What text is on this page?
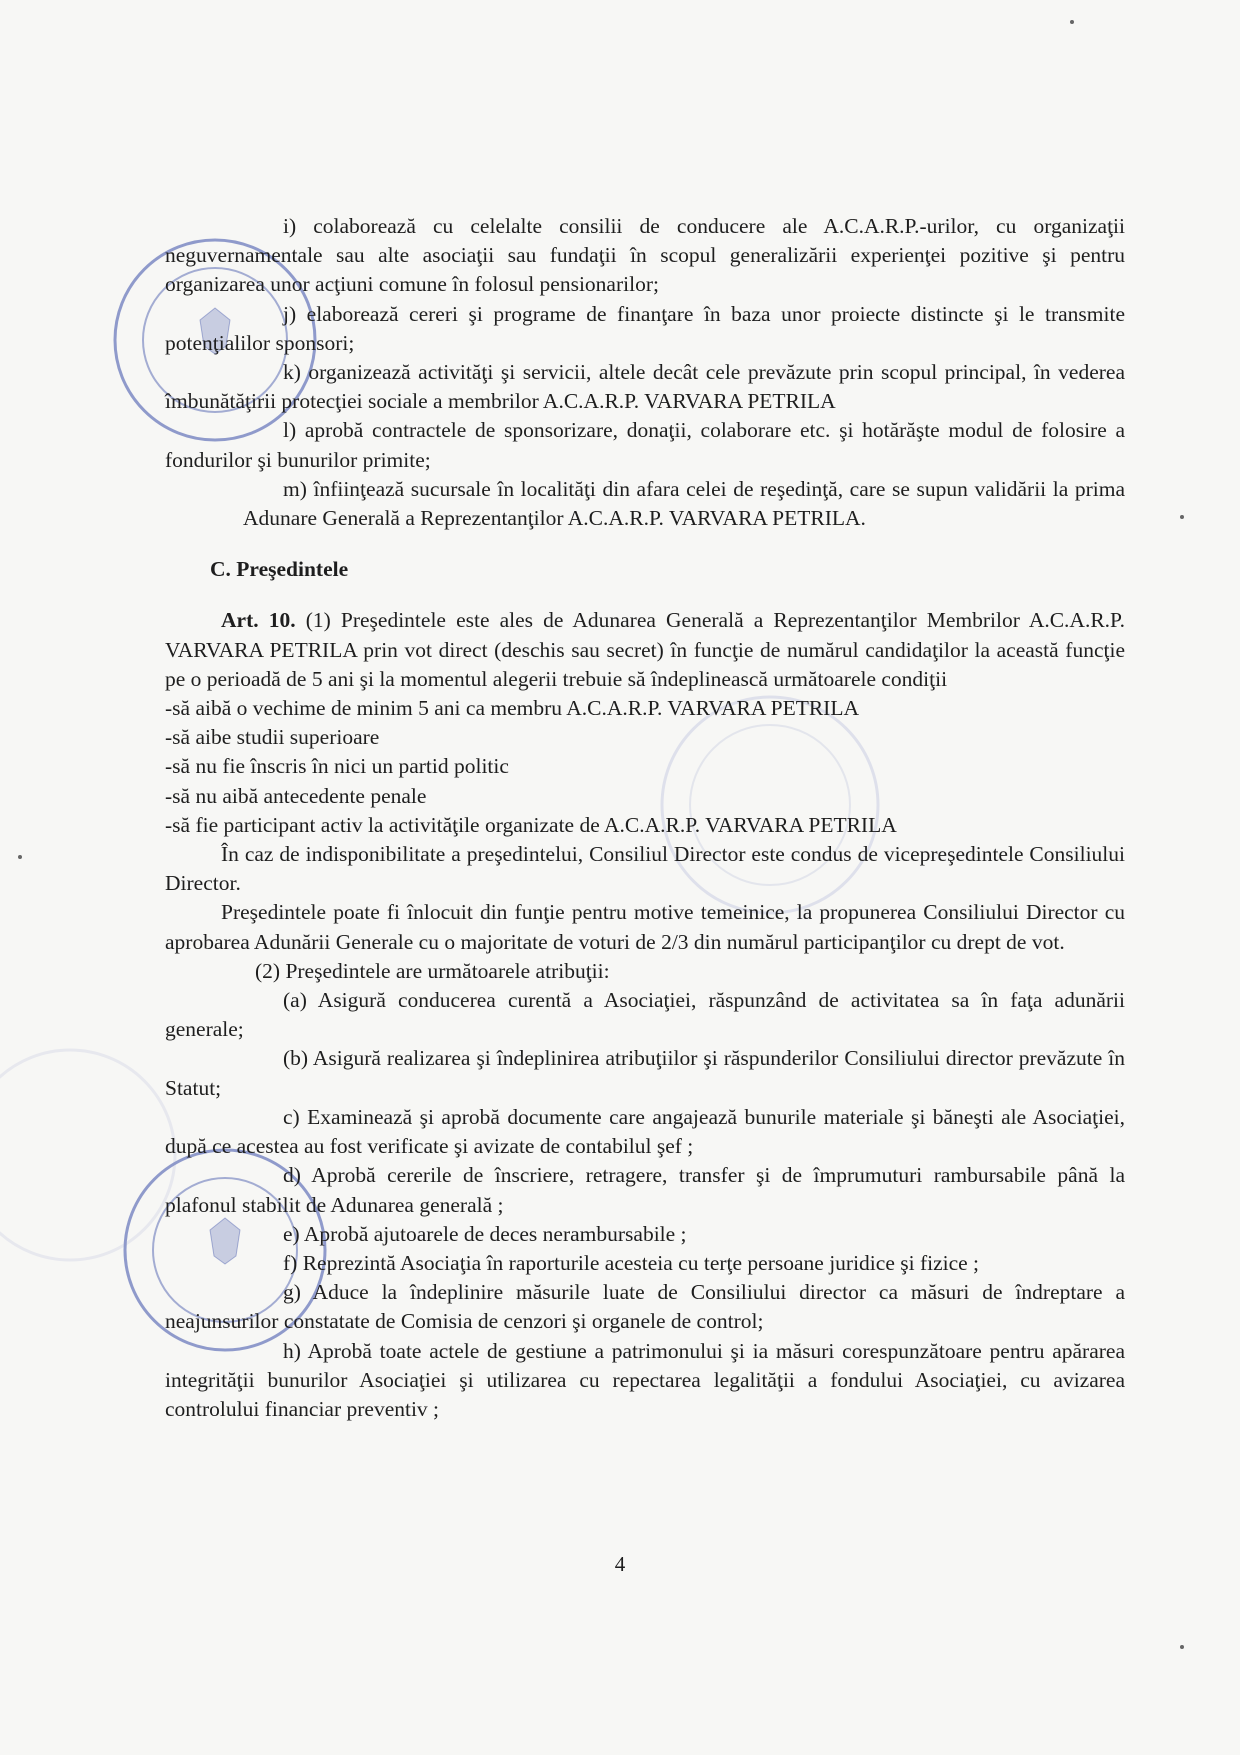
i) colaborează cu celelalte consilii de conducere ale A.C.A.R.P.-urilor, cu organizaţii neguvernamentale sau alte asociaţii sau fundaţii în scopul generalizării experienţei pozitive şi pentru organizarea unor acţiuni comune în folosul pensionarilor;

j) elaborează cereri şi programe de finanţare în baza unor proiecte distincte şi le transmite potenţialilor sponsori;

k) organizează activităţi şi servicii, altele decât cele prevăzute prin scopul principal, în vederea îmbunătăţirii protecţiei sociale a membrilor A.C.A.R.P. VARVARA PETRILA

l) aprobă contractele de sponsorizare, donaţii, colaborare etc. şi hotărăşte modul de folosire a fondurilor şi bunurilor primite;

m) înfiinţează sucursale în localităţi din afara celei de reşedinţă, care se supun validării la prima Adunare Generală a Reprezentanţilor A.C.A.R.P. VARVARA PETRILA.

C. Preşedintele

Art. 10. (1) Preşedintele este ales de Adunarea Generală a Reprezentanţilor Membrilor A.C.A.R.P. VARVARA PETRILA prin vot direct (deschis sau secret) în funcţie de numărul candidaţilor la această funcţie pe o perioadă de 5 ani şi la momentul alegerii trebuie să îndeplinească următoarele condiţii

-să aibă o vechime de minim 5 ani ca membru A.C.A.R.P. VARVARA PETRILA

-să aibe studii superioare

-să nu fie înscris în nici un partid politic

-să nu aibă antecedente penale

-să fie participant activ la activităţile organizate de A.C.A.R.P. VARVARA PETRILA

În caz de indisponibilitate a preşedintelui, Consiliul Director este condus de vicepreşedintele Consiliului Director.

Preşedintele poate fi înlocuit din funţie pentru motive temeinice, la propunerea Consiliului Director cu aprobarea Adunării Generale cu o majoritate de voturi de 2/3 din numărul participanţilor cu drept de vot.

(2) Preşedintele are următoarele atribuţii:

(a) Asigură conducerea curentă a Asociaţiei, răspunzând de activitatea sa în faţa adunării generale;

(b) Asigură realizarea şi îndeplinirea atribuţiilor şi răspunderilor Consiliului director prevăzute în Statut;

c) Examinează şi aprobă documente care angajează bunurile materiale şi băneşti ale Asociaţiei, după ce acestea au fost verificate şi avizate de contabilul şef ;

d) Aprobă cererile de înscriere, retragere, transfer şi de împrumuturi rambursabile până la plafonul stabilit de Adunarea generală ;

e) Aprobă ajutoarele de deces nerambursabile ;

f) Reprezintă Asociaţia în raporturile acesteia cu terţe persoane juridice şi fizice ;

g) Aduce la îndeplinire măsurile luate de Consiliului director ca măsuri de îndreptare a neajunsurilor constatate de Comisia de cenzori şi organele de control;

h) Aprobă toate actele de gestiune a patrimonului şi ia măsuri corespunzătoare pentru apărarea integrităţii bunurilor Asociaţiei şi utilizarea cu repectarea legalităţii a fondului Asociaţiei, cu avizarea controlului financiar preventiv ;

4
